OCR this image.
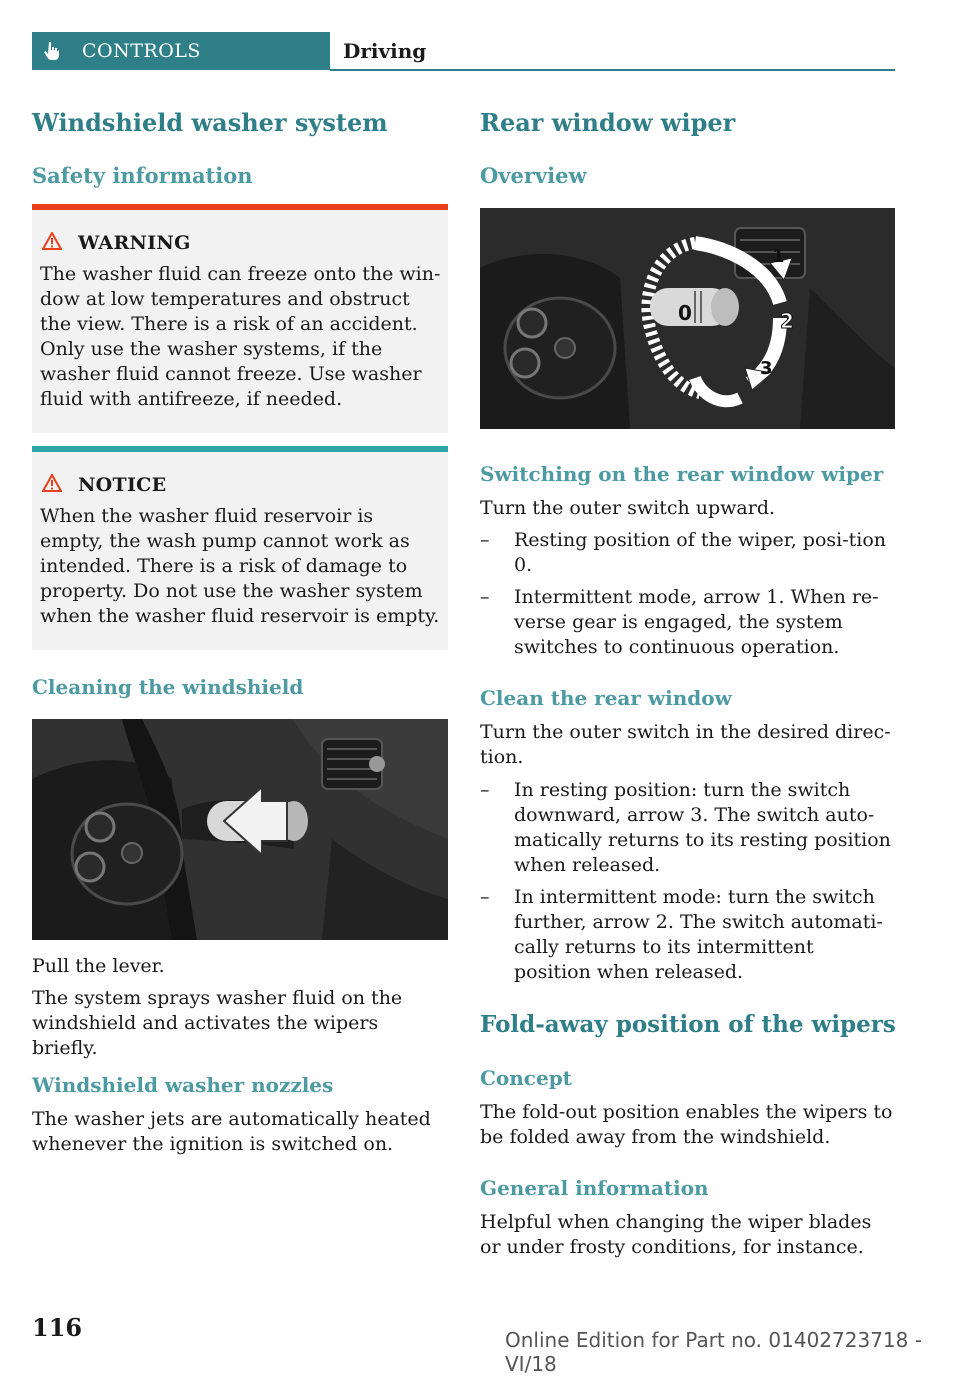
CONTROLS	Driving
Windshield washer system
Safety information
WARNING
The washer fluid can freeze onto the win-dow at low temperatures and obstruct the view. There is a risk of an accident. Only use the washer systems, if the washer fluid cannot freeze. Use washer fluid with antifreeze, if needed.
NOTICE
When the washer fluid reservoir is empty, the wash pump cannot work as intended. There is a risk of damage to property. Do not use the washer system when the washer fluid reservoir is empty.
Cleaning the windshield
Pull the lever.
The system sprays washer fluid on the windshield and activates the wipers briefly.
Windshield washer nozzles
The washer jets are automatically heated whenever the ignition is switched on.
Rear window wiper
Overview
0
1
2
3
Switching on the rear window wiper
Turn the outer switch upward.
– Resting position of the wiper, posi-tion 0.
– Intermittent mode, arrow 1. When re-verse gear is engaged, the system switches to continuous operation.
Clean the rear window
Turn the outer switch in the desired direc-tion.
– In resting position: turn the switch downward, arrow 3. The switch auto-matically returns to its resting position when released.
– In intermittent mode: turn the switch further, arrow 2. The switch automati-cally returns to its intermittent position when released.
Fold-away position of the wipers
Concept
The fold-out position enables the wipers to be folded away from the windshield.
General information
Helpful when changing the wiper blades or under frosty conditions, for instance.
116	Online Edition for Part no. 01402723718 - VI/18
